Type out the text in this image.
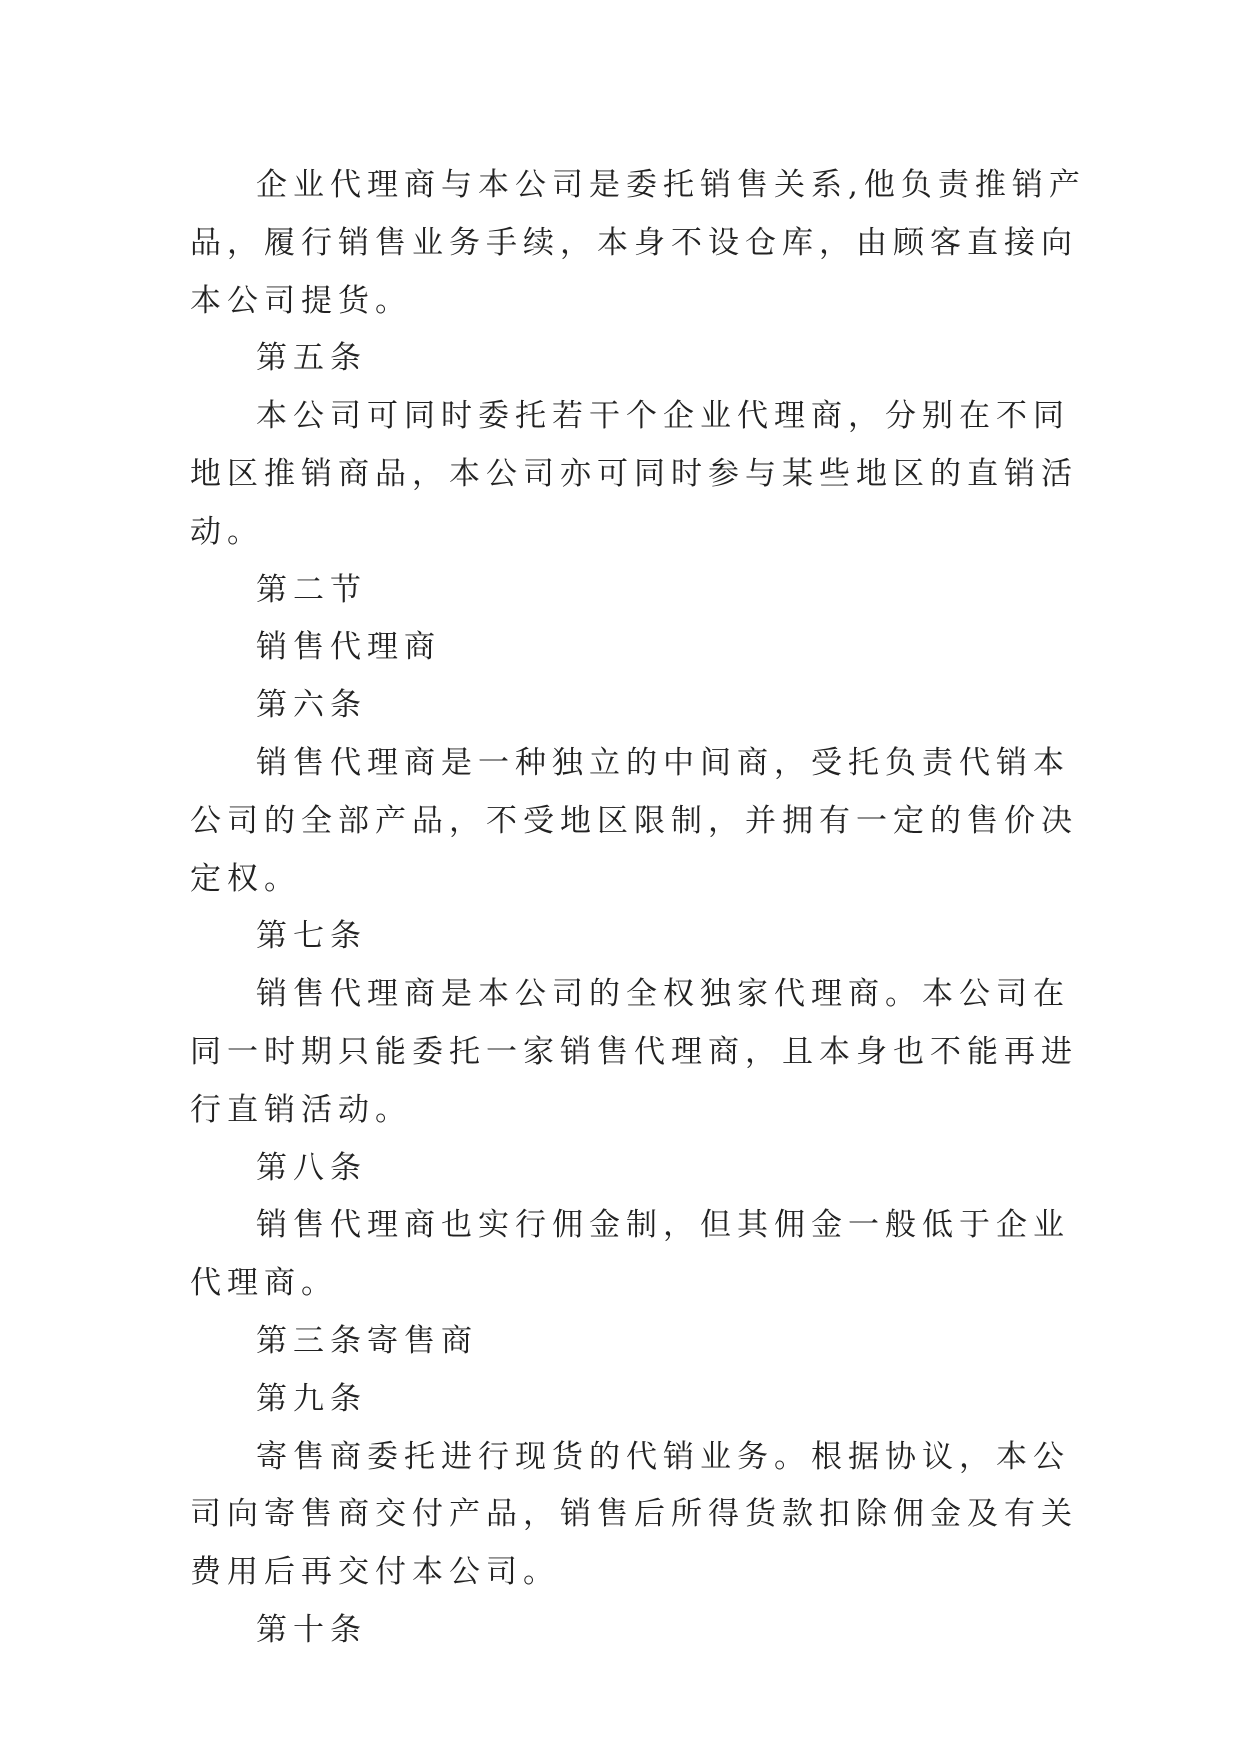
企业代理商与本公司是委托销售关系,他负责推销产品，履行销售业务手续，本身不设仓库，由顾客直接向本公司提货。

第五条

本公司可同时委托若干个企业代理商，分别在不同地区推销商品，本公司亦可同时参与某些地区的直销活动。

第二节

销售代理商

第六条

销售代理商是一种独立的中间商，受托负责代销本公司的全部产品，不受地区限制，并拥有一定的售价决定权。

第七条

销售代理商是本公司的全权独家代理商。本公司在同一时期只能委托一家销售代理商，且本身也不能再进行直销活动。

第八条

销售代理商也实行佣金制，但其佣金一般低于企业代理商。

第三条寄售商

第九条

寄售商委托进行现货的代销业务。根据协议，本公司向寄售商交付产品，销售后所得货款扣除佣金及有关费用后再交付本公司。

第十条
